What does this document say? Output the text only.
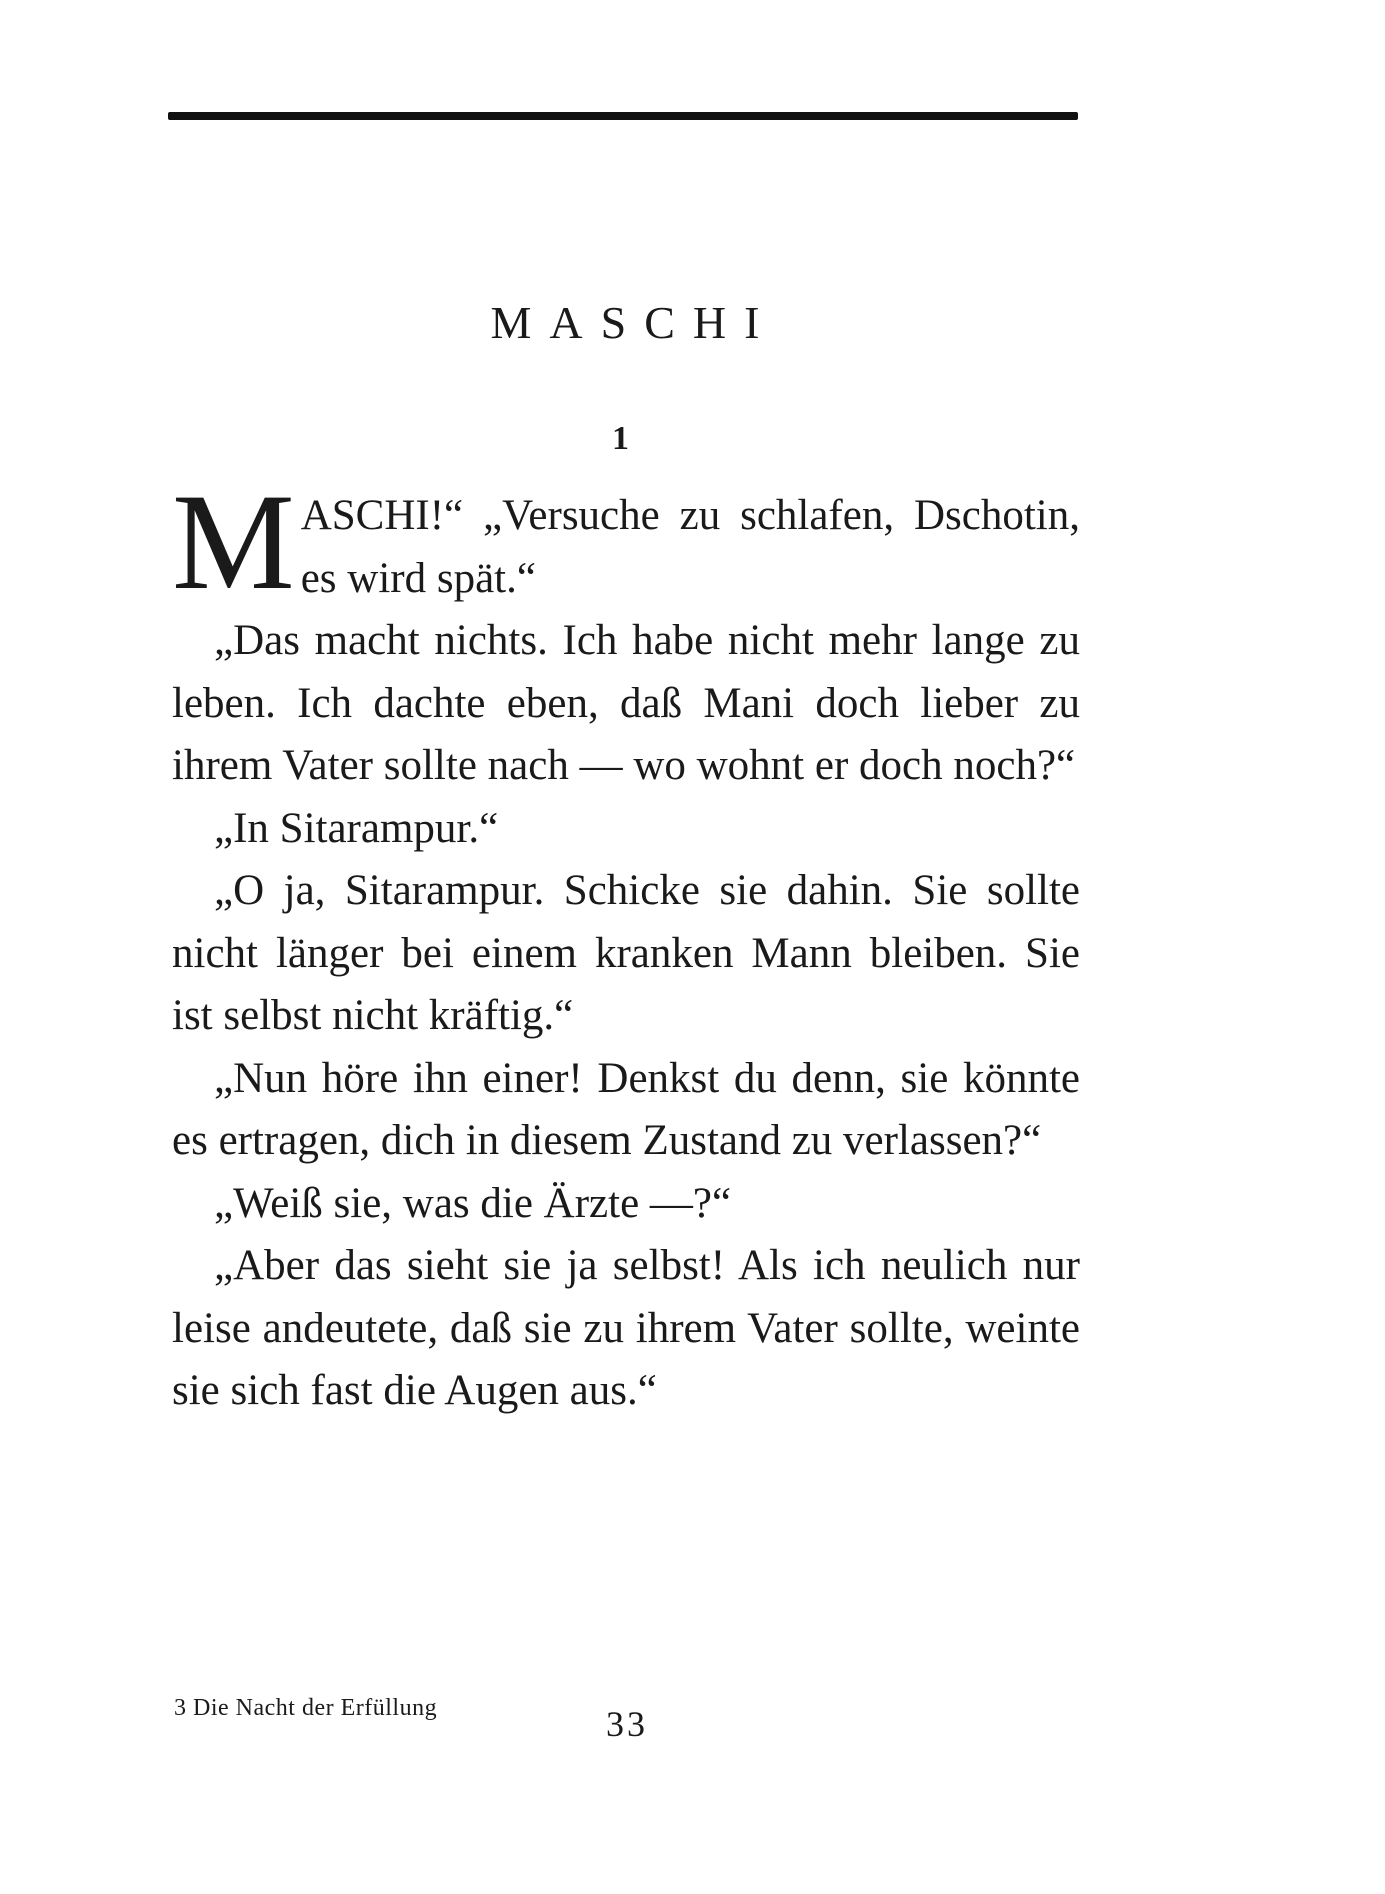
MASCHI
1

MASCHI!“ „Versuche zu schlafen, Dschotin, es wird spät.“

„Das macht nichts. Ich habe nicht mehr lange zu leben. Ich dachte eben, daß Mani doch lieber zu ihrem Vater sollte nach — wo wohnt er doch noch?“

„In Sitarampur.“

„O ja, Sitarampur. Schicke sie dahin. Sie sollte nicht länger bei einem kranken Mann bleiben. Sie ist selbst nicht kräftig.“

„Nun höre ihn einer! Denkst du denn, sie könnte es ertragen, dich in diesem Zustand zu verlassen?“

„Weiß sie, was die Ärzte —?“

„Aber das sieht sie ja selbst! Als ich neulich nur leise andeutete, daß sie zu ihrem Vater sollte, weinte sie sich fast die Augen aus.“

3 Die Nacht der Erfüllung	33
